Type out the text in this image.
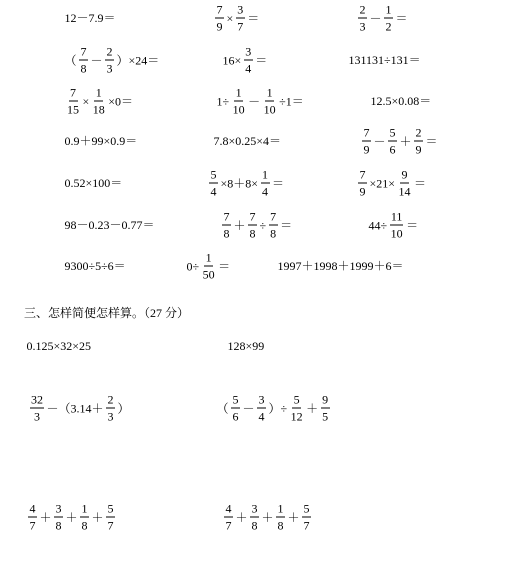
12－7.9＝	$\frac{7}{9} \times \frac{3}{7}$ ＝	$\frac{2}{3} - \frac{1}{2}$ ＝
（ $\frac{7}{8} - \frac{2}{3} )\times 24=$	$16\times \frac{3}{4}$ ＝	131131÷131＝
$\frac{7}{15} \times \frac{1}{18} \times 0=$	$1\div \frac{1}{10} - \frac{1}{10} \div 1=$	12.5×0.08＝
0.9＋99×0.9＝	7.8×0.25×4＝	$\frac{7}{9} - \frac{5}{6} + \frac{2}{9}$ ＝
0.52×100＝	$\frac{5}{4} \times 8+8\times \frac{1}{4}$ ＝	$\frac{7}{9} \times 21\times \frac{9}{14}$ ＝
98－0.23－0.77＝	$\frac{7}{8} + \frac{7}{8} \div \frac{7}{8}$ ＝	$44\div \frac{11}{10}$ ＝
9300÷5÷6＝	$0\div \frac{1}{50}$ ＝	1997＋1998＋1999＋6＝
0.125×32×25	128×99
$\frac{32}{3} -(3.14+ \frac{2}{3}$ ）	（ $\frac{5}{6} - \frac{3}{4}$ ）÷ $\frac{5}{12} + \frac{9}{5}$
$\frac{4}{7} + \frac{3}{8} + \frac{1}{8} + \frac{5}{7}$	$\frac{4}{7} + \frac{3}{8} + \frac{1}{8} + \frac{5}{7}$
三、怎样简便怎样算。（27 分）
